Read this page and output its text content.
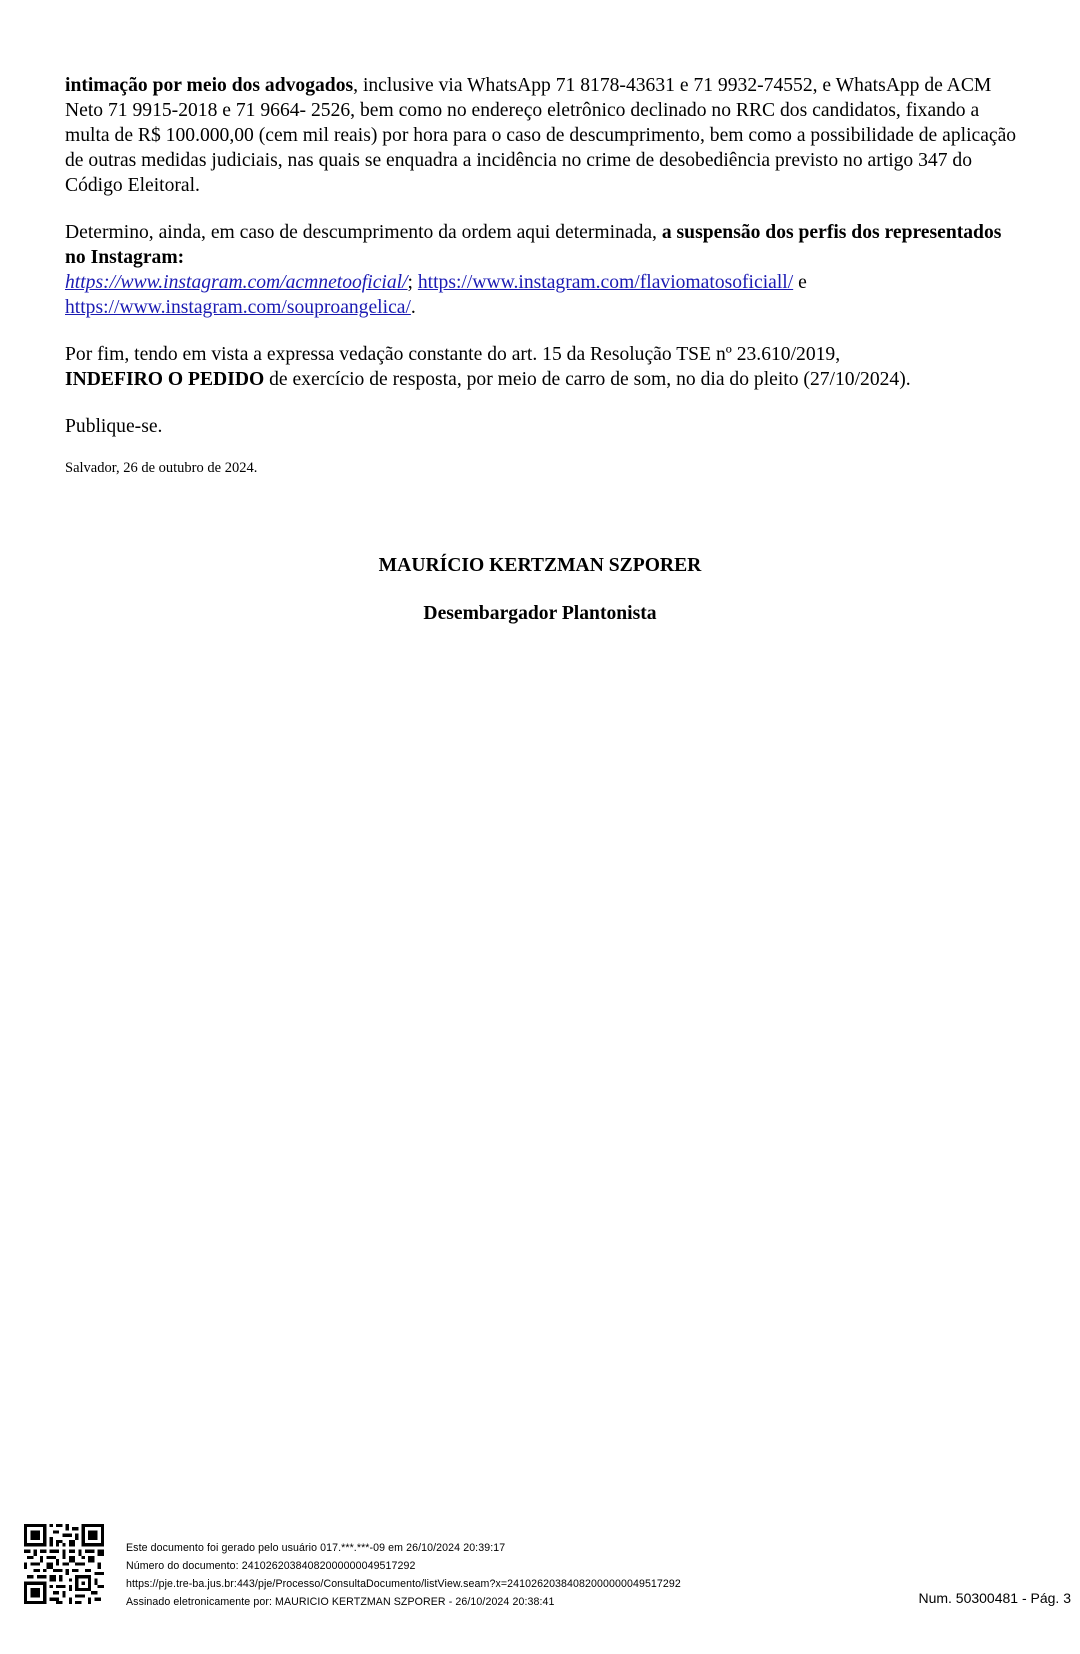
intimação por meio dos advogados, inclusive via WhatsApp 71 8178-43631 e 71 9932-74552, e WhatsApp de ACM Neto 71 9915-2018 e 71 9664- 2526, bem como no endereço eletrônico declinado no RRC dos candidatos, fixando a multa de R$ 100.000,00 (cem mil reais) por hora para o caso de descumprimento, bem como a possibilidade de aplicação de outras medidas judiciais, nas quais se enquadra a incidência no crime de desobediência previsto no artigo 347 do Código Eleitoral.

Determino, ainda, em caso de descumprimento da ordem aqui determinada, a suspensão dos perfis dos representados no Instagram:
https://www.instagram.com/acmnetooficial/; https://www.instagram.com/flaviomatosoficiall/ e
https://www.instagram.com/souproangelica/.

Por fim, tendo em vista a expressa vedação constante do art. 15 da Resolução TSE nº 23.610/2019,
INDEFIRO O PEDIDO de exercício de resposta, por meio de carro de som, no dia do pleito (27/10/2024).

Publique-se.

Salvador, 26 de outubro de 2024.

MAURÍCIO KERTZMAN SZPORER
Desembargador Plantonista
Este documento foi gerado pelo usuário 017.***.***-09 em 26/10/2024 20:39:17
Número do documento: 24102620384082000000049517292
https://pje.tre-ba.jus.br:443/pje/Processo/ConsultaDocumento/listView.seam?x=24102620384082000000049517292
Assinado eletronicamente por: MAURICIO KERTZMAN SZPORER - 26/10/2024 20:38:41	Num. 50300481 - Pág. 3
